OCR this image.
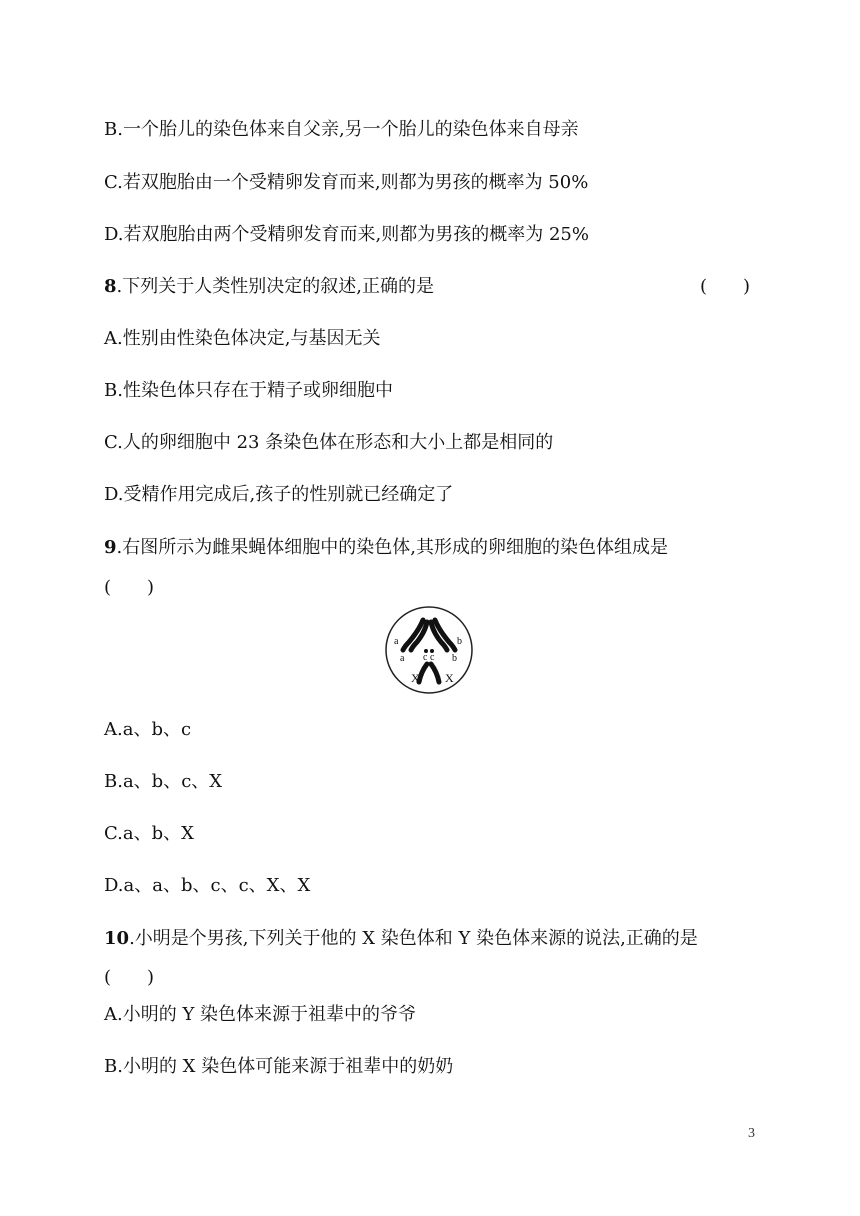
B.一个胎儿的染色体来自父亲,另一个胎儿的染色体来自母亲
C.若双胞胎由一个受精卵发育而来,则都为男孩的概率为 50%
D.若双胞胎由两个受精卵发育而来,则都为男孩的概率为 25%
8.下列关于人类性别决定的叙述,正确的是	(　　)
A.性别由性染色体决定,与基因无关
B.性染色体只存在于精子或卵细胞中
C.人的卵细胞中 23 条染色体在形态和大小上都是相同的
D.受精作用完成后,孩子的性别就已经确定了
9.右图所示为雌果蝇体细胞中的染色体,其形成的卵细胞的染色体组成是
(　　)
a
a
b
b
c c
X X
A.a、b、c
B.a、b、c、X
C.a、b、X
D.a、a、b、c、c、X、X
10.小明是个男孩,下列关于他的 X 染色体和 Y 染色体来源的说法,正确的是
(　　)
A.小明的 Y 染色体来源于祖辈中的爷爷
B.小明的 X 染色体可能来源于祖辈中的奶奶
3
